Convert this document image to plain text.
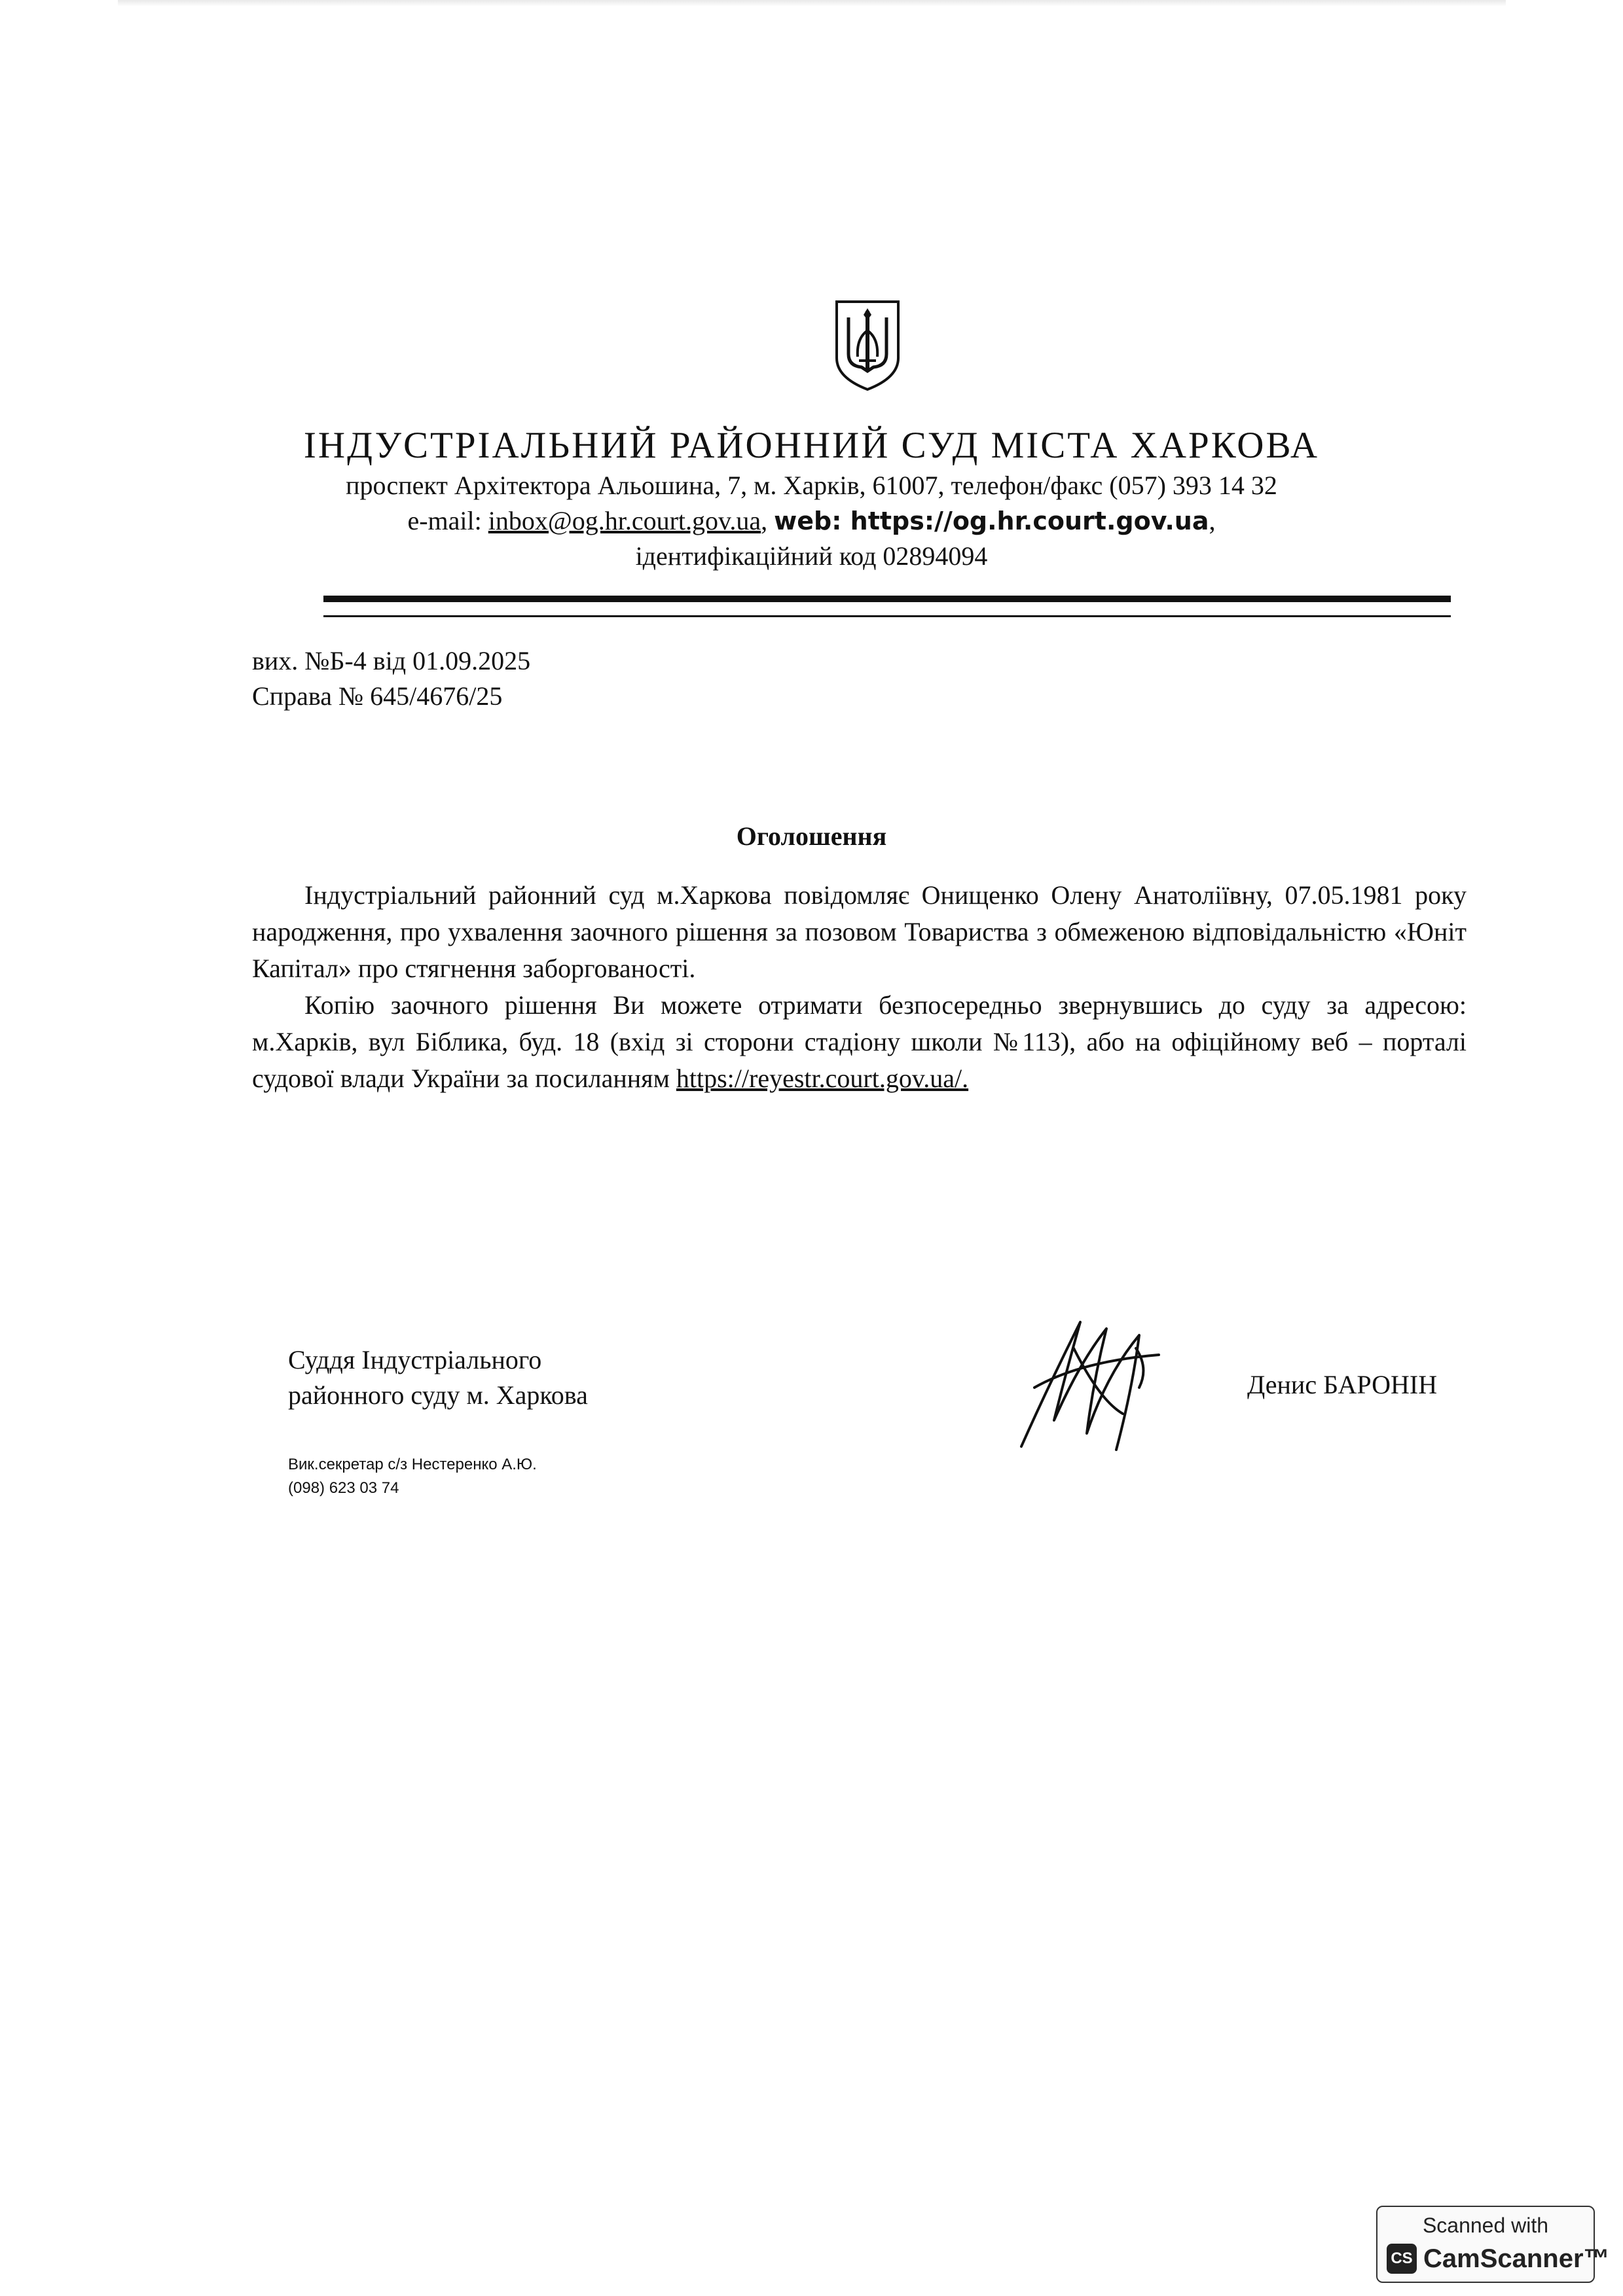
ІНДУСТРІАЛЬНИЙ РАЙОННИЙ СУД МІСТА ХАРКОВА
проспект Архітектора Альошина, 7, м. Харків, 61007, телефон/факс (057) 393 14 32
e-mail: inbox@og.hr.court.gov.ua, web: https://og.hr.court.gov.ua,
ідентифікаційний код 02894094
вих. №Б-4 від 01.09.2025
Справа № 645/4676/25
Оголошення

Індустріальний районний суд м.Харкова повідомляє Онищенко Олену Анатоліївну, 07.05.1981 року народження, про ухвалення заочного рішення за позовом Товариства з обмеженою відповідальністю «Юніт Капітал» про стягнення заборгованості.

Копію заочного рішення Ви можете отримати безпосередньо звернувшись до суду за адресою: м.Харків, вул Біблика, буд. 18 (вхід зі сторони стадіону школи №113), або на офіційному веб – порталі судової влади України за посиланням https://reyestr.court.gov.ua/.

Суддя Індустріального
районного суду м. Харкова	Денис БАРОНІН
Вик.секретар с/з Нестеренко А.Ю.
(098) 623 03 74
Scanned with
CS CamScanner™
